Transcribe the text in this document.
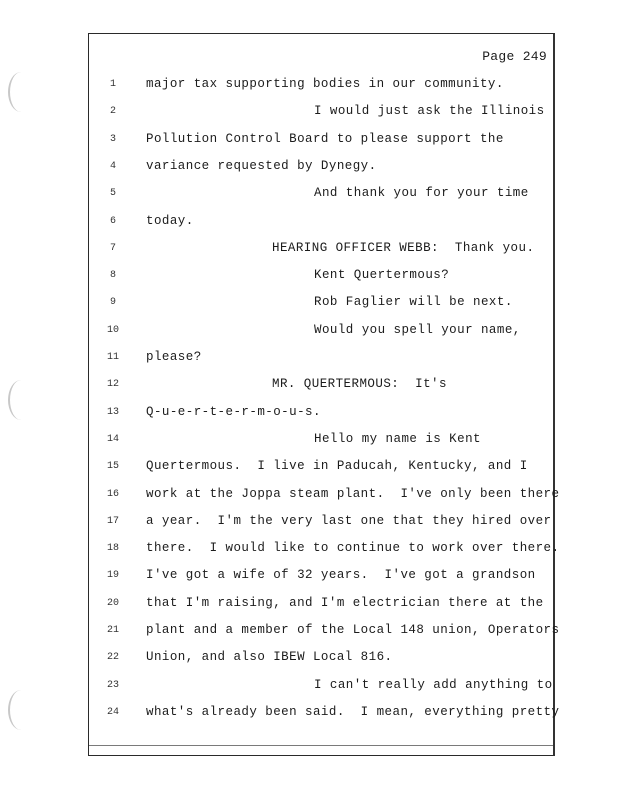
Page 249
1	major tax supporting bodies in our community.
2	I would just ask the Illinois
3	Pollution Control Board to please support the
4	variance requested by Dynegy.
5	And thank you for your time
6	today.
7	HEARING OFFICER WEBB:  Thank you.
8	Kent Quertermous?
9	Rob Faglier will be next.
10	Would you spell your name,
11	please?
12	MR. QUERTERMOUS:  It's
13	Q-u-e-r-t-e-r-m-o-u-s.
14	Hello my name is Kent
15	Quertermous.  I live in Paducah, Kentucky, and I
16	work at the Joppa steam plant.  I've only been there
17	a year.  I'm the very last one that they hired over
18	there.  I would like to continue to work over there.
19	I've got a wife of 32 years.  I've got a grandson
20	that I'm raising, and I'm electrician there at the
21	plant and a member of the Local 148 union, Operators
22	Union, and also IBEW Local 816.
23	I can't really add anything to
24	what's already been said.  I mean, everything pretty
